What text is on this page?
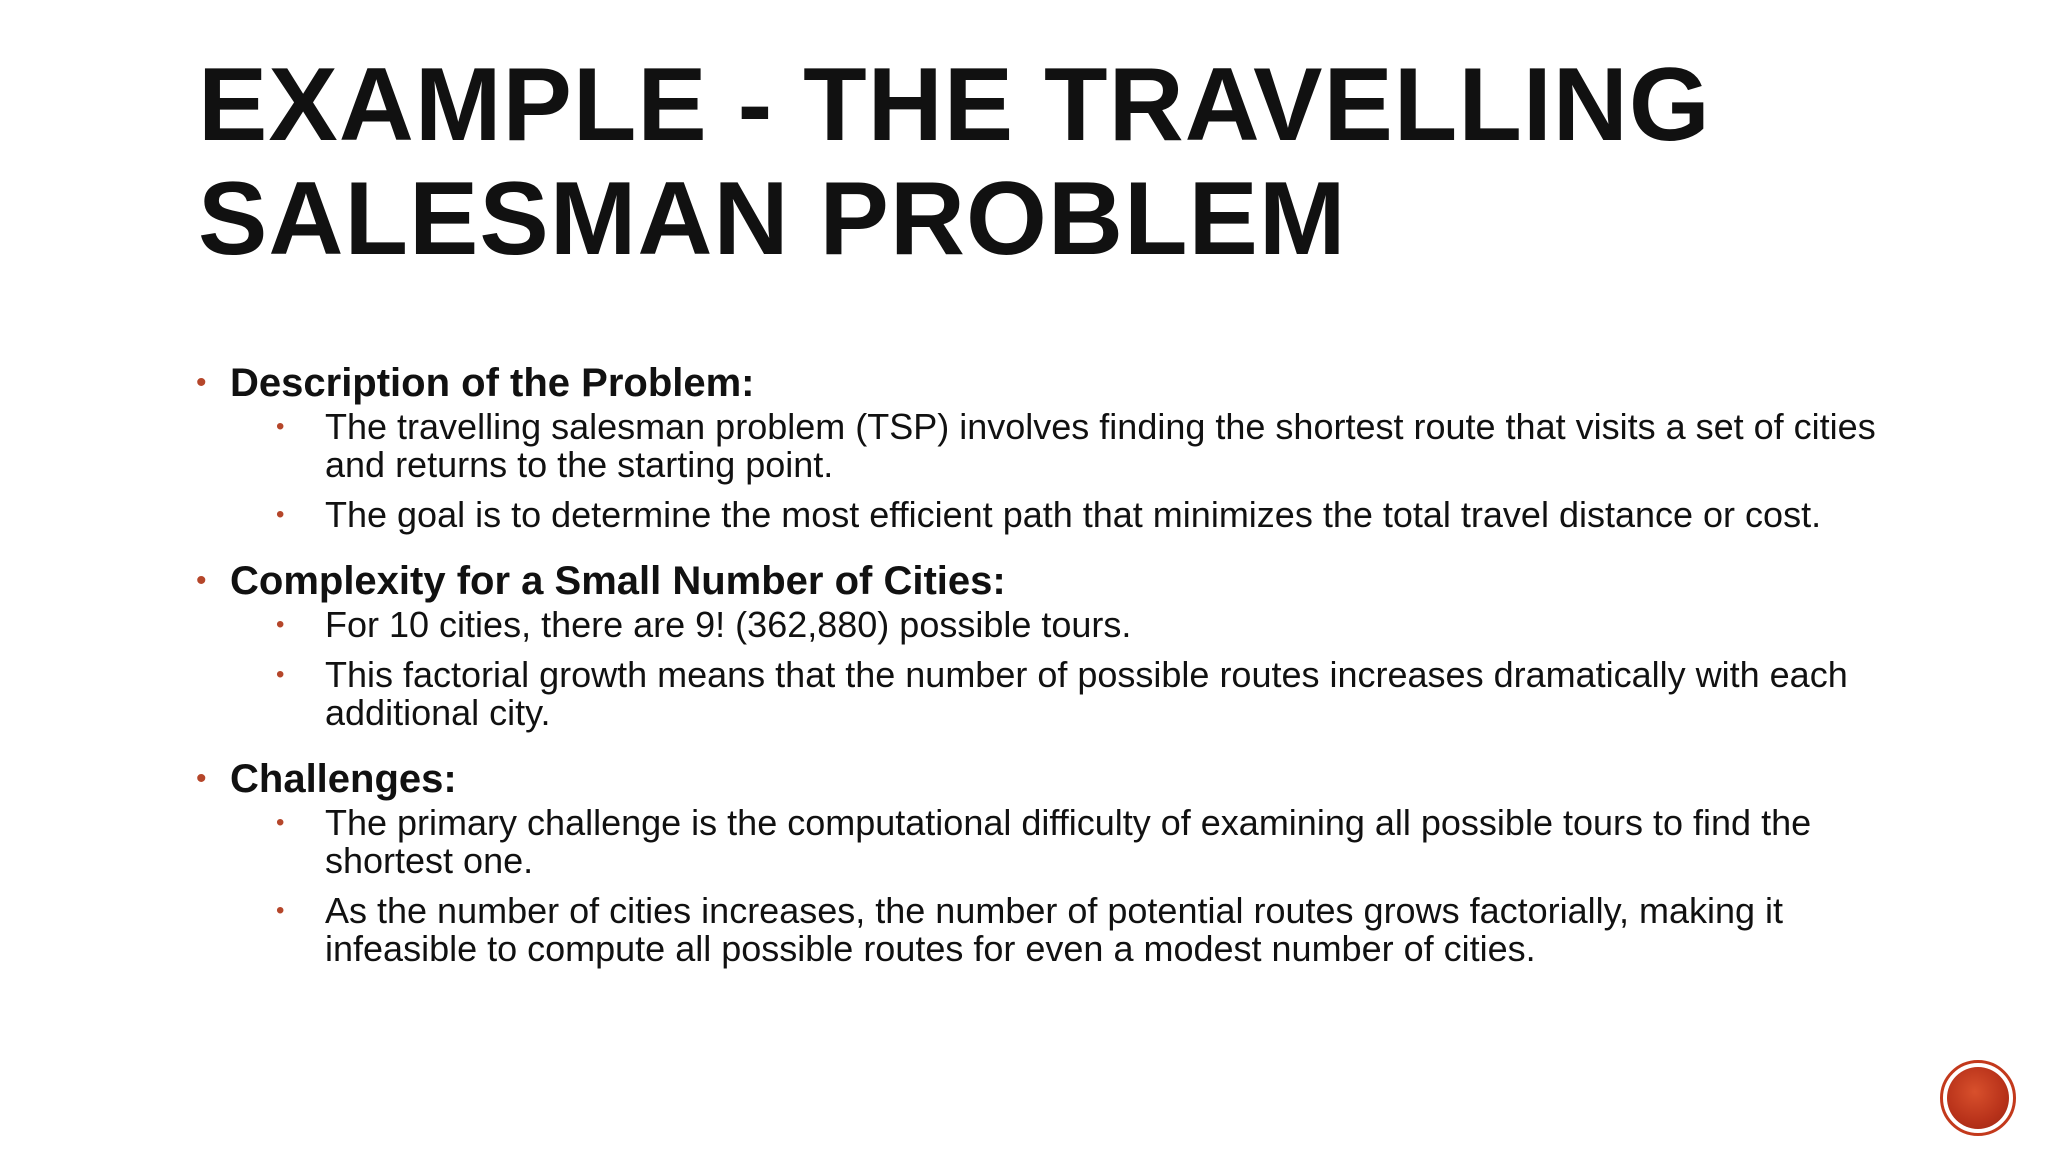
EXAMPLE - THE TRAVELLING
SALESMAN PROBLEM
• Description of the Problem:
• The travelling salesman problem (TSP) involves finding the shortest route that visits a set of cities and returns to the starting point.
• The goal is to determine the most efficient path that minimizes the total travel distance or cost.
• Complexity for a Small Number of Cities:
• For 10 cities, there are 9! (362,880) possible tours.
• This factorial growth means that the number of possible routes increases dramatically with each additional city.
• Challenges:
• The primary challenge is the computational difficulty of examining all possible tours to find the shortest one.
• As the number of cities increases, the number of potential routes grows factorially, making it infeasible to compute all possible routes for even a modest number of cities.
